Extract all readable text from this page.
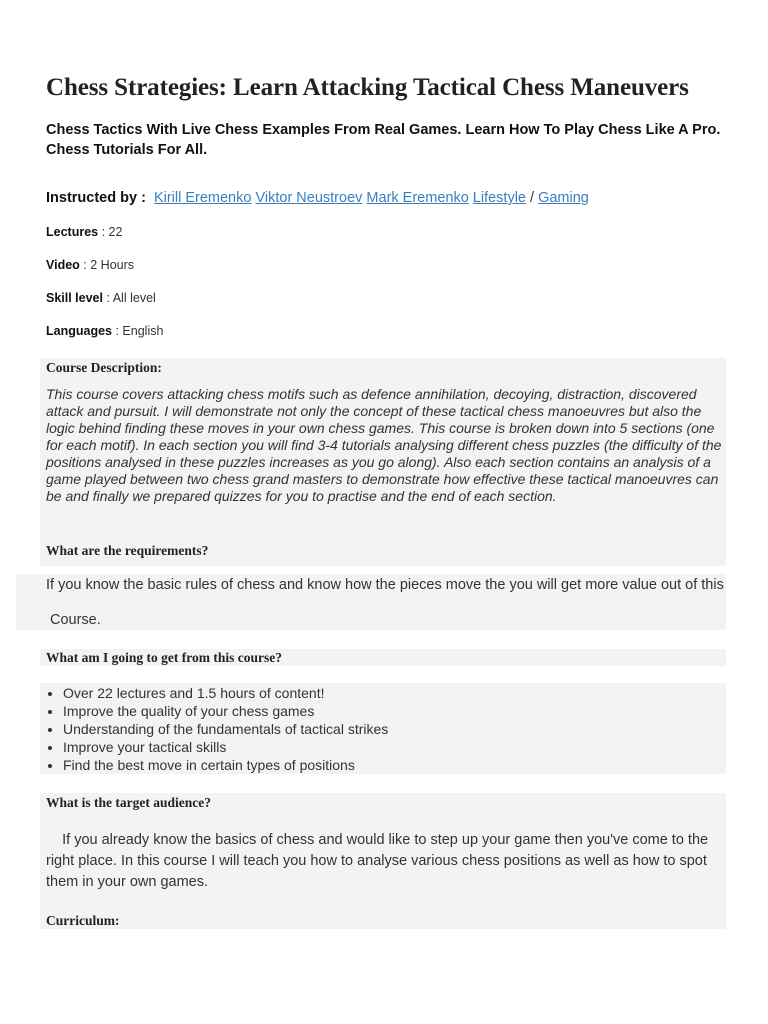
Chess Strategies: Learn Attacking Tactical Chess Maneuvers

Chess Tactics With Live Chess Examples From Real Games. Learn How To Play Chess Like A Pro. Chess Tutorials For All.

Instructed by : Kirill Eremenko Viktor Neustroev Mark Eremenko Lifestyle / Gaming
Lectures : 22
Video : 2 Hours
Skill level : All level
Languages : English
Course Description:

This course covers attacking chess motifs such as defence annihilation, decoying, distraction, discovered attack and pursuit. I will demonstrate not only the concept of these tactical chess manoeuvres but also the logic behind finding these moves in your own chess games. This course is broken down into 5 sections (one for each motif). In each section you will find 3-4 tutorials analysing different chess puzzles (the difficulty of the positions analysed in these puzzles increases as you go along). Also each section contains an analysis of a game played between two chess grand masters to demonstrate how effective these tactical manoeuvres can be and finally we prepared quizzes for you to practise and the end of each section.

What are the requirements?

If you know the basic rules of chess and know how the pieces move the you will get more value out of this

Course.

What am I going to get from this course?
• Over 22 lectures and 1.5 hours of content!
• Improve the quality of your chess games
• Understanding of the fundamentals of tactical strikes
• Improve your tactical skills
• Find the best move in certain types of positions
What is the target audience?

If you already know the basics of chess and would like to step up your game then you've come to the right place. In this course I will teach you how to analyse various chess positions as well as how to spot them in your own games.

Curriculum:
